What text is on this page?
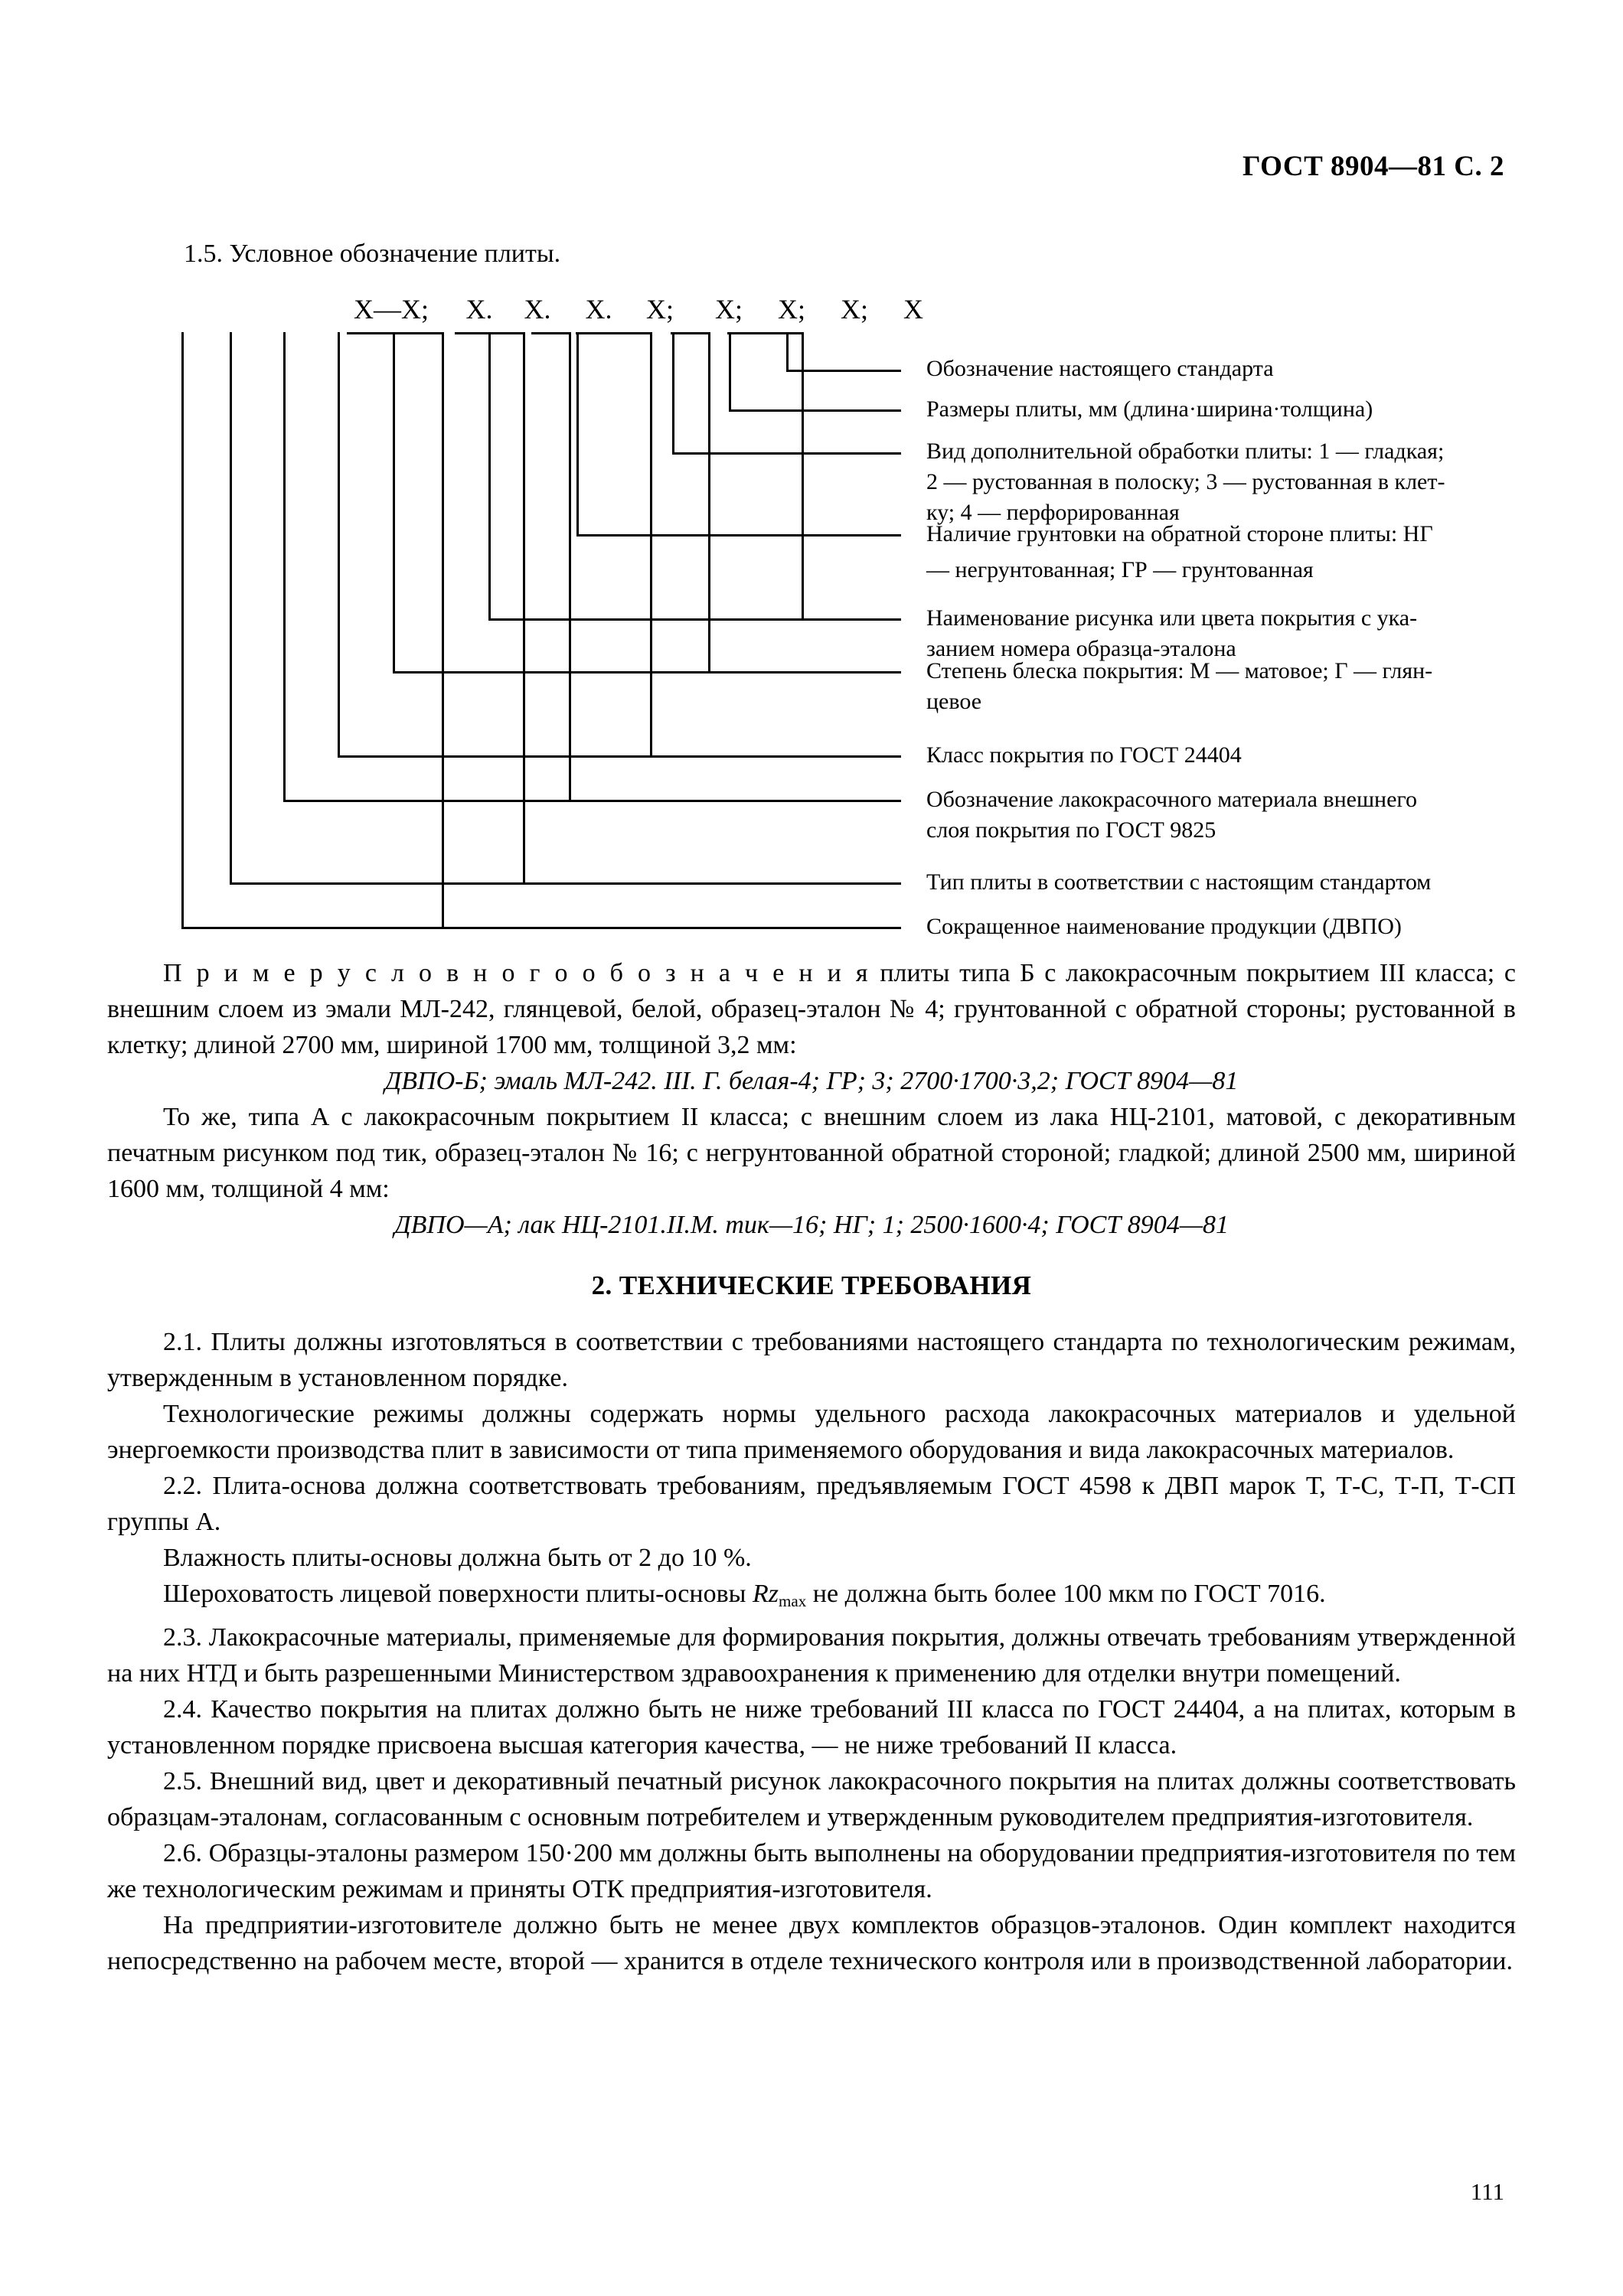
ГОСТ 8904—81 С. 2
1.5. Условное обозначение плиты.
X—X; X. X. X. X; X; X; X; X
Обозначение настоящего стандарта
Размеры плиты, мм (длина·ширина·толщина)
Вид дополнительной обработки плиты: 1 — гладкая;
2 — рустованная в полоску; 3 — рустованная в клет-
ку; 4 — перфорированная
Наличие грунтовки на обратной стороне плиты: НГ
— негрунтованная; ГР — грунтованная
Наименование рисунка или цвета покрытия с ука-
занием номера образца-эталона
Степень блеска покрытия: М — матовое; Г — глян-
цевое
Класс покрытия по ГОСТ 24404
Обозначение лакокрасочного материала внешнего
слоя покрытия по ГОСТ 9825
Тип плиты в соответствии с настоящим стандартом
Сокращенное наименование продукции (ДВПО)

П р и м е р у с л о в н о г о о б о з н а ч е н и я плиты типа Б с лакокрасочным покрытием III класса; с внешним слоем из эмали МЛ-242, глянцевой, белой, образец-эталон № 4; грунтованной с обратной стороны; рустованной в клетку; длиной 2700 мм, шириной 1700 мм, толщиной 3,2 мм:

ДВПО-Б; эмаль МЛ-242. III. Г. белая-4; ГР; 3; 2700·1700·3,2; ГОСТ 8904—81

То же, типа А с лакокрасочным покрытием II класса; с внешним слоем из лака НЦ-2101, матовой, с декоративным печатным рисунком под тик, образец-эталон № 16; с негрунтованной обратной стороной; гладкой; длиной 2500 мм, шириной 1600 мм, толщиной 4 мм:

ДВПО—А; лак НЦ-2101.II.М. тик—16; НГ; 1; 2500·1600·4; ГОСТ 8904—81

2. ТЕХНИЧЕСКИЕ ТРЕБОВАНИЯ

2.1. Плиты должны изготовляться в соответствии с требованиями настоящего стандарта по технологическим режимам, утвержденным в установленном порядке.

Технологические режимы должны содержать нормы удельного расхода лакокрасочных материалов и удельной энергоемкости производства плит в зависимости от типа применяемого оборудования и вида лакокрасочных материалов.

2.2. Плита-основа должна соответствовать требованиям, предъявляемым ГОСТ 4598 к ДВП марок Т, Т-С, Т-П, Т-СП группы А.

Влажность плиты-основы должна быть от 2 до 10 %.

Шероховатость лицевой поверхности плиты-основы $Rz_{max}$ не должна быть более 100 мкм по ГОСТ 7016.

2.3. Лакокрасочные материалы, применяемые для формирования покрытия, должны отвечать требованиям утвержденной на них НТД и быть разрешенными Министерством здравоохранения к применению для отделки внутри помещений.

2.4. Качество покрытия на плитах должно быть не ниже требований III класса по ГОСТ 24404, а на плитах, которым в установленном порядке присвоена высшая категория качества, — не ниже требований II класса.

2.5. Внешний вид, цвет и декоративный печатный рисунок лакокрасочного покрытия на плитах должны соответствовать образцам-эталонам, согласованным с основным потребителем и утвержденным руководителем предприятия-изготовителя.

2.6. Образцы-эталоны размером 150·200 мм должны быть выполнены на оборудовании предприятия-изготовителя по тем же технологическим режимам и приняты ОТК предприятия-изготовителя.

На предприятии-изготовителе должно быть не менее двух комплектов образцов-эталонов. Один комплект находится непосредственно на рабочем месте, второй — хранится в отделе технического контроля или в производственной лаборатории.

111
